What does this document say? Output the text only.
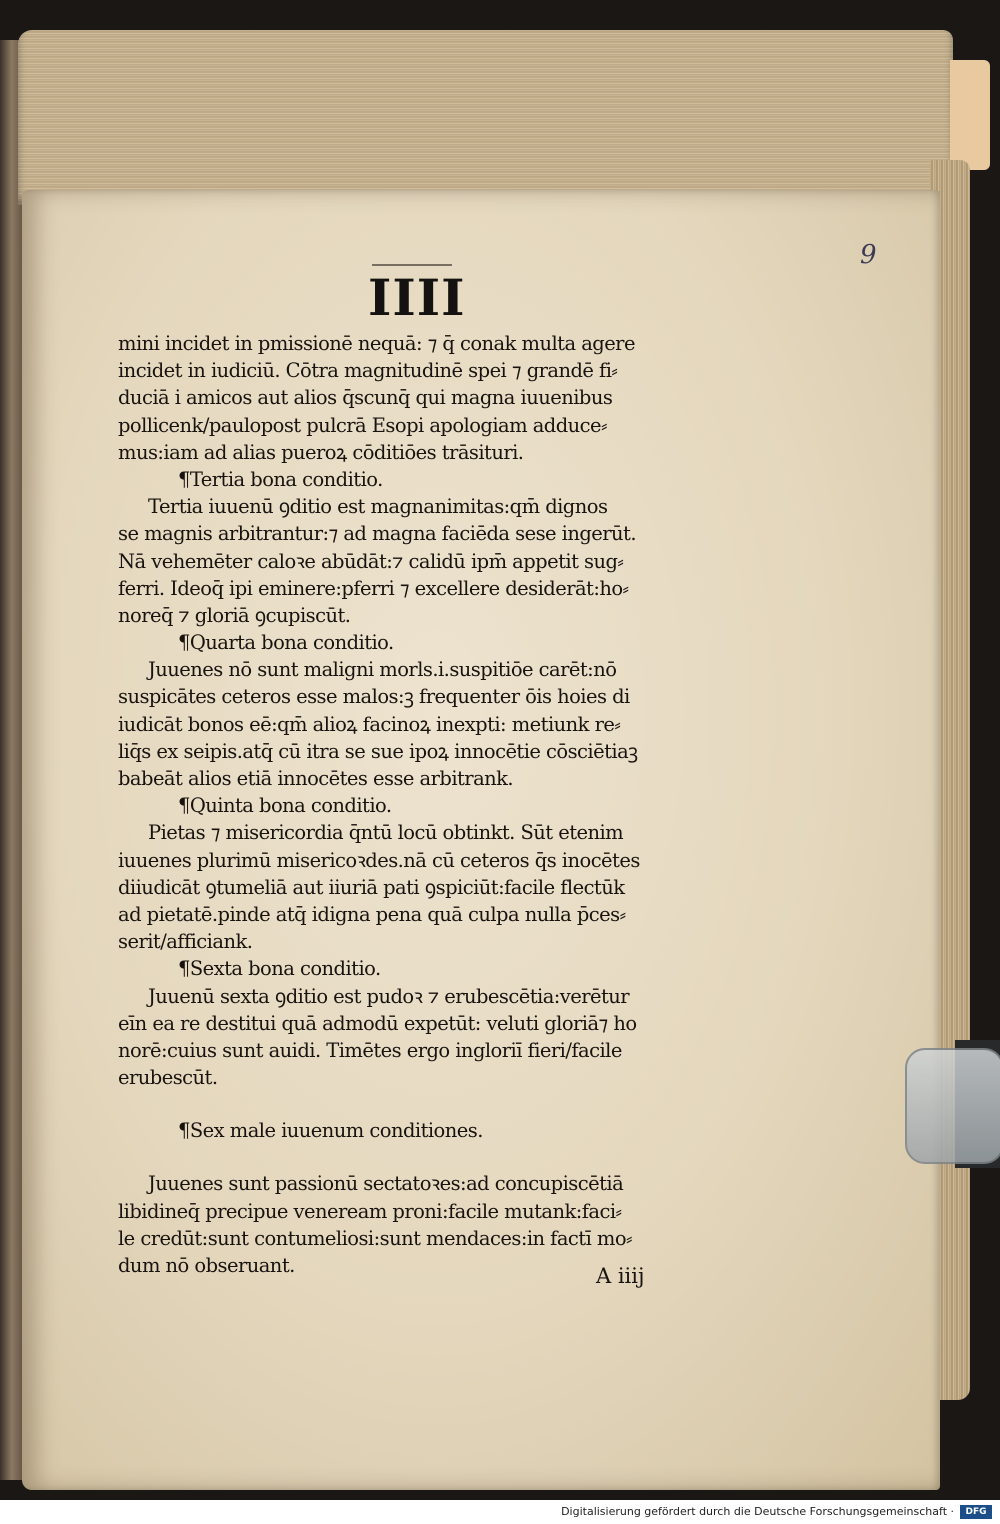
9
IIII
mini incidet in pmissionē nequā: ⁊ q̄ conak multa agere
incidet in iudiciū. Cōtra magnitudinē spei ⁊ grandē fi⸗
duciā i amicos aut alios q̄scunq̄ qui magna iuuenibus
pollicenk/paulopost pulcrā Esopi apologiam adduce⸗
mus:iam ad alias pueroꝝ cōditiōes trāsituri.
¶Tertia bona conditio.
Tertia iuuenū ꝯditio est magnanimitas:qm̄ dignos
se magnis arbitrantur:⁊ ad magna faciēda sese ingerūt.
Nā vehemēter caloꝛe abūdāt:⁊ calidū ipm̄ appetit sug⸗
ferri. Ideoq̄ ipi eminere:pferri ⁊ excellere desiderāt:ho⸗
noreq̄ ⁊ gloriā ꝯcupiscūt.
¶Quarta bona conditio.
Juuenes nō sunt maligni morls.i.suspitiōe carēt:nō
suspicātes ceteros esse malos:ꝫ frequenter ōis hoies di
iudicāt bonos eē:qm̄ alioꝝ facinoꝝ inexpti: metiunk re⸗
liq̄s ex seipis.atq̄ cū itra se sue ipoꝝ innocētie cōsciētiaꝫ
babeāt alios etiā innocētes esse arbitrank.
¶Quinta bona conditio.
Pietas ⁊ misericordia q̄ntū locū obtinkt. Sūt etenim
iuuenes plurimū misericoꝛdes.nā cū ceteros q̄s inocētes
diiudicāt ꝯtumeliā aut iiuriā pati ꝯspiciūt:facile flectūk
ad pietatē.pinde atq̄ idigna pena quā culpa nulla p̄ces⸗
serit/afficiank.
¶Sexta bona conditio.
Juuenū sexta ꝯditio est pudoꝛ ⁊ erubescētia:verētur
eīn ea re destitui quā admodū expetūt: veluti gloriā⁊ ho
norē:cuius sunt auidi. Timētes ergo ingloriī fieri/facile
erubescūt.
¶Sex male iuuenum conditiones.
Juuenes sunt passionū sectatoꝛes:ad concupiscētiā
libidineq̄ precipue veneream proni:facile mutank:faci⸗
le credūt:sunt contumeliosi:sunt mendaces:in factī mo⸗
dum nō obseruant.	A iiij
Digitalisierung gefördert durch die Deutsche Forschungsgemeinschaft ·	DFG
